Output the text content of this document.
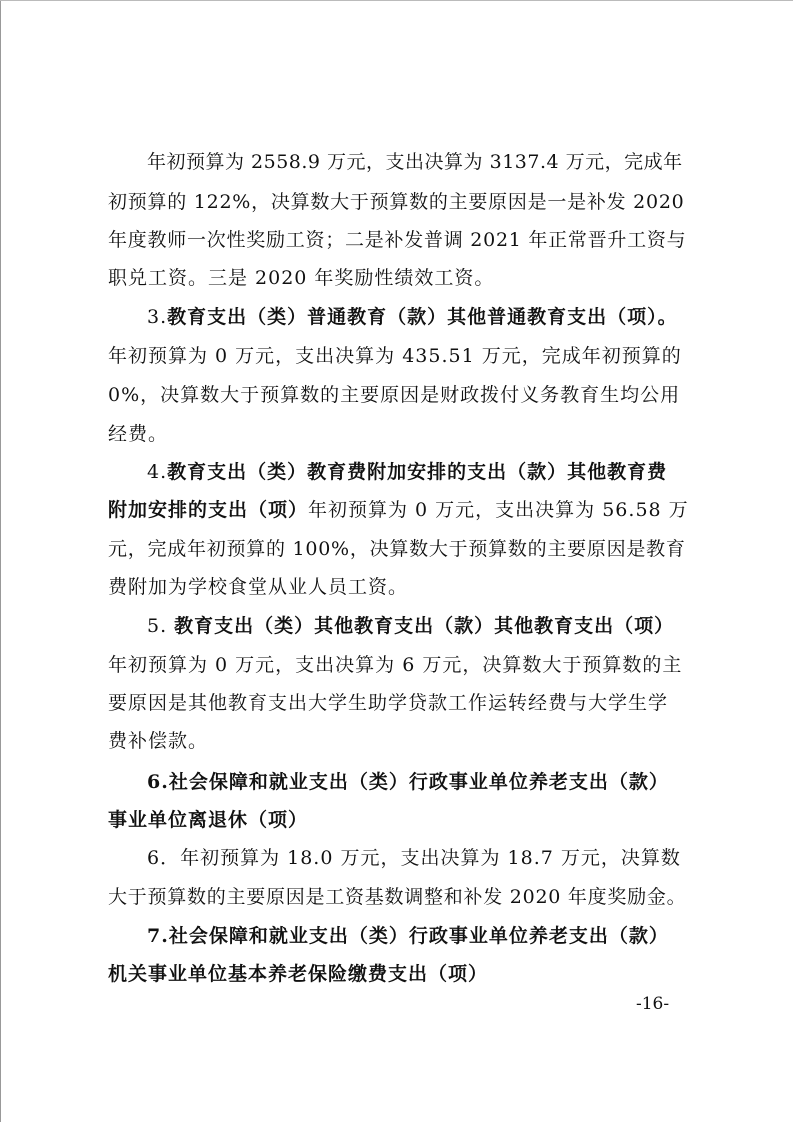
年初预算为 2558.9 万元，支出决算为 3137.4 万元，完成年
初预算的 122%，决算数大于预算数的主要原因是一是补发 2020
年度教师一次性奖励工资；二是补发普调 2021 年正常晋升工资与
职兑工资。三是 2020 年奖励性绩效工资。
3.教育支出（类）普通教育（款）其他普通教育支出（项）。
年初预算为 0 万元，支出决算为 435.51 万元，完成年初预算的
0%，决算数大于预算数的主要原因是财政拨付义务教育生均公用
经费。
4.教育支出（类）教育费附加安排的支出（款）其他教育费
附加安排的支出（项）年初预算为 0 万元，支出决算为 56.58 万
元，完成年初预算的 100%，决算数大于预算数的主要原因是教育
费附加为学校食堂从业人员工资。
5. 教育支出（类）其他教育支出（款）其他教育支出（项）
年初预算为 0 万元，支出决算为 6 万元，决算数大于预算数的主
要原因是其他教育支出大学生助学贷款工作运转经费与大学生学
费补偿款。
6.社会保障和就业支出（类）行政事业单位养老支出（款）
事业单位离退休（项）
6．年初预算为 18.0 万元，支出决算为 18.7 万元，决算数
大于预算数的主要原因是工资基数调整和补发 2020 年度奖励金。
7.社会保障和就业支出（类）行政事业单位养老支出（款）
机关事业单位基本养老保险缴费支出（项）
-16-
